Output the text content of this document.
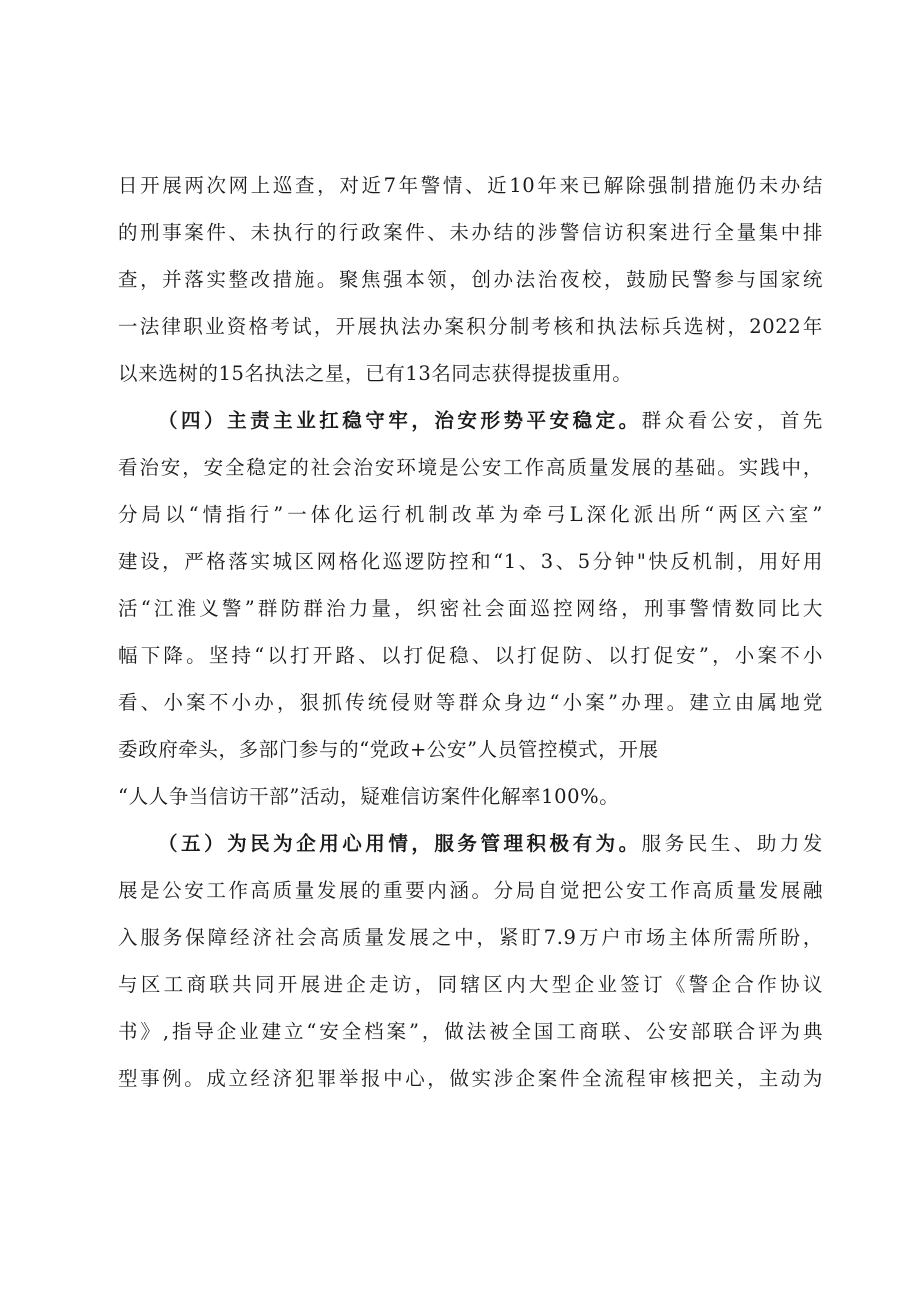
日开展两次网上巡查，对近7年警情、近10年来已解除强制措施仍未办结
的刑事案件、未执行的行政案件、未办结的涉警信访积案进行全量集中排
查，并落实整改措施。聚焦强本领，创办法治夜校，鼓励民警参与国家统
一法律职业资格考试，开展执法办案积分制考核和执法标兵选树，2022年
以来选树的15名执法之星，已有13名同志获得提拔重用。
（四）主责主业扛稳守牢，治安形势平安稳定。群众看公安，首先
看治安，安全稳定的社会治安环境是公安工作高质量发展的基础。实践中，
分局以“情指行”一体化运行机制改革为牵弓L深化派出所“两区六室”
建设，严格落实城区网格化巡逻防控和“1、3、5分钟"快反机制，用好用
活“江淮义警”群防群治力量，织密社会面巡控网络，刑事警情数同比大
幅下降。坚持“以打开路、以打促稳、以打促防、以打促安”，小案不小
看、小案不小办，狠抓传统侵财等群众身边“小案”办理。建立由属地党
委政府牵头，多部门参与的“党政+公安”人员管控模式，开展
“人人争当信访干部”活动，疑难信访案件化解率100%。
（五）为民为企用心用情，服务管理积极有为。服务民生、助力发
展是公安工作高质量发展的重要内涵。分局自觉把公安工作高质量发展融
入服务保障经济社会高质量发展之中，紧盯7.9万户市场主体所需所盼，
与区工商联共同开展进企走访，同辖区内大型企业签订《警企合作协议
书》,指导企业建立“安全档案”，做法被全国工商联、公安部联合评为典
型事例。成立经济犯罪举报中心，做实涉企案件全流程审核把关，主动为
